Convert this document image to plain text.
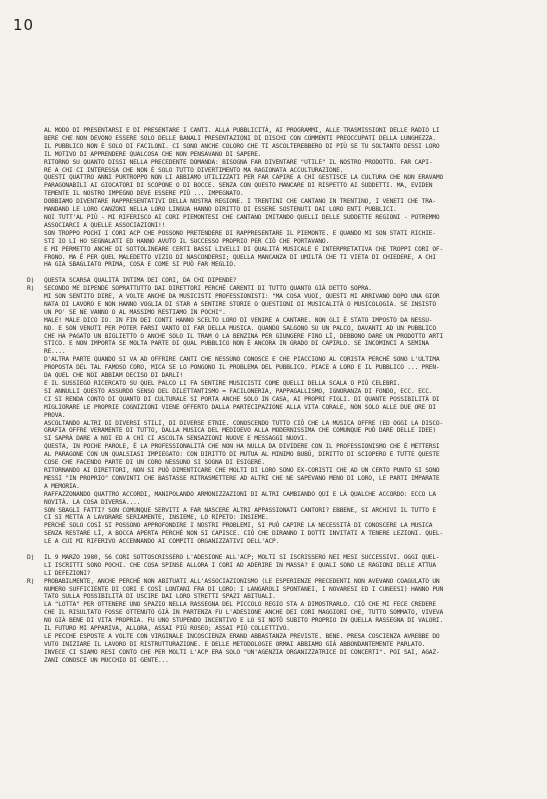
10
AL MODO DI PRESENTARSI E DI PRESENTARE I CANTI. ALLA PUBBLICITÀ, AI PROGRAMMI, ALLE TRASMISSIONI DELLE RADIO LI
BERE CHE NON DEVONO ESSERE SOLO DELLE BANALI PRESENTAZIONI DI DISCHI CON COMMENTI PREOCCUPATI DELLA LUNGHEZZA.
IL PUBBLICO NON È SOLO DI FACILONI. CI SONO ANCHE COLORO CHE TI ASCOLTEREBBERO DI PIÙ SE TU SOLTANTO DESSI LORO
IL MOTIVO DI APPRENDERE QUALCOSA CHE NON PENSAVANO DI SAPERE.
RITORNO SU QUANTO DISSI NELLA PRECEDENTE DOMANDA: BISOGNA FAR DIVENTARE "UTILE" IL NOSTRO PRODOTTO. FAR CAPI-
RE A CHI CI INTERESSA CHE NON È SOLO TUTTO DIVERTIMENTO MA RAGIONATA ACCULTURAZIONE.
QUESTI QUATTRO ANNI PURTROPPO NON LI ABBIAMO UTILIZZATI PER FAR CAPIRE A CHI GESTISCE LA CULTURA CHE NON ERAVAMO
PARAGONABILI AI GIOCATORI DI SCOPONE O DI BOCCE. SENZA CON QUESTO MANCARE DI RISPETTO AI SUDDETTI. MA, EVIDEN
TEMENTE IL NOSTRO IMPEGNO DEVE ESSERE PIÙ ... IMPEGNATO.
DOBBIAMO DIVENTARE RAPPRESENTATIVI DELLA NOSTRA REGIONE. I TRENTINI CHE CANTANO IN TRENTINO, I VENETI CHE TRA-
MANDANO LE LORO CANZONI NELLA LORO LINGUA HANNO DIRITTO DI ESSERE SOSTENUTI DAI LORO ENTI PUBBLICI.
NOI TUTT'AL PIÙ - MI RIFERISCO AI CORI PIEMONTESI CHE CANTANO IMITANDO QUELLI DELLE SUDDETTE REGIONI - POTREMMO
ASSOCIARCI A QUELLE ASSOCIAZIONI!!
SON TROPPO POCHI I CORI ACP CHE POSSONO PRETENDERE DI RAPPRESENTARE IL PIEMONTE. E QUANDO MI SON STATI RICHIE-
STI IO LI HO SEGNALATI ED HANNO AVUTO IL SUCCESSO PROPRIO PER CIÒ CHE PORTAVANO.
E MI PERMETTO ANCHE DI SOTTOLINEARE CERTI BASSI LIVELLI DI QUALITÀ MUSICALE E INTERPRETATIVA CHE TROPPI CORI OF-
FRONO. MA È PER QUEL MALEDETTO VIZIO DI NASCONDERSI; QUELLA MANCANZA DI UMILTÀ CHE TI VIETA DI CHIEDERE, A CHI
HA GIÀ SBAGLIATO PRIMA, COSA E COME SI PUÒ FAR MEGLIO.
D) QUESTA SCARSA QUALITÀ INTIMA DEI CORI, DA CHI DIPENDE?
R) SECONDO ME DIPENDE SOPRATTUTTO DAI DIRETTORI PERCHÉ CARENTI DI TUTTO QUANTO GIÀ DETTO SOPRA.
MI SON SENTITO DIRE, A VOLTE ANCHE DA MUSICISTI PROFESSIONISTI: "MA COSA VUOI, QUESTI MI ARRIVANO DOPO UNA GIOR
NATA DI LAVORO E NON HANNO VOGLIA DI STAR A SENTIRE STORIE O QUESTIONI DI MUSICALITÀ O MUSICOLOGIA. SE INSISTO
UN PO' SE NE VANNO O AL MASSIMO RESTIAMO IN POCHI".
MALE! MALE DICO IO. IN FIN DEI CONTI HANNO SCELTO LORO DI VENIRE A CANTARE. NON GLI È STATO IMPOSTO DA NESSU-
NO. E SON VENUTI PER POTER FARSI VANTO DI FAR DELLA MUSICA. QUANDO SALGONO SU UN PALCO, DAVANTI AD UN PUBBLICO
CHE HA PAGATO UN BIGLIETTO O ANCHE SOLO IL TRAM O LA BENZINA PER GIUNGERE FINO LÌ, DEBBONO DARE UN PRODOTTO ARTI
STICO. E NON IMPORTA SE MOLTA PARTE DI QUAL PUBBLICO NON È ANCORA IN GRADO DI CAPIRLO. SE INCOMINCI A SEMINA
RE....
D'ALTRA PARTE QUANDO SI VA AD OFFRIRE CANTI CHE NESSUNO CONOSCE E CHE PIACCIONO AL CORISTA PERCHÉ SONO L'ULTIMA
PROPOSTA DEL TAL FAMOSO CORO, MICA SE LO PONGONO IL PROBLEMA DEL PUBBLICO. PIACE A LORO E IL PUBBLICO ... PREN-
DA QUEL CHE NOI ABBIAM DECISO DI DARLI!
E IL SUSSIEGO RICERCATO SU QUEL PALCO LI FA SENTIRE MUSICISTI COME QUELLI DELLA SCALA O PIÙ CELEBRI.
SI ANNULLI QUESTO ASSURDO SENSO DEL DILETTANTISMO = FACILONERIA, PAPPAGALLISMO, IGNORANZA DI FONDO, ECC. ECC.
CI SI RENDA CONTO DI QUANTO DI CULTURALE SI PORTA ANCHE SOLO IN CASA, AI PROPRI FIGLI. DI QUANTE POSSIBILITÀ DI
MIGLIORARE LE PROPRIE COGNIZIONI VIENE OFFERTO DALLA PARTECIPAZIONE ALLA VITA CORALE, NON SOLO ALLE DUE ORE DI
PROVA.
ASCOLTANDO ALTRI DI DIVERSI STILI, DI DIVERSE ETNIE. CONOSCENDO TUTTO CIÒ CHE LA MUSICA OFFRE (ED OGGI LA DISCO-
GRAFIA OFFRE VERAMENTE DI TUTTO, DALLA MUSICA DEL MEDIOEVO ALLA MODERNISSIMA CHE COMUNQUE PUÒ DARE DELLE IDEE)
SI SAPRÀ DARE A NOI ED A CHI CI ASCOLTA SENSAZIONI NUOVE E MESSAGGI NUOVI.
QUESTA, IN POCHE PAROLE, È LA PROFESSIONALITÀ CHE NON HA NULLA DA DIVIDERE CON IL PROFESSIONISMO CHE È METTERSI
AL PARAGONE CON UN QUALSIASI IMPIEGATO: CON DIRITTO DI MUTUA AL MINIMO BUBÙ, DIRITTO DI SCIOPERO E TUTTE QUESTE
COSE CHE FACENDO PARTE DI UN CORO NESSUNO SI SOGNA DI ESIGERE.
RITORNANDO AI DIRETTORI, NON SI PUÒ DIMENTICARE CHE MOLTI DI LORO SONO EX-CORISTI CHE AD UN CERTO PUNTO SI SONO
MESSI "IN PROPRIO" CONVINTI CHE BASTASSE RITRASMETTERE AD ALTRI CHE NE SAPEVANO MENO DI LORO, LE PARTI IMPARATE
A MEMORIA.
RAFFAZZONANDO QUATTRO ACCORDI, MANIPOLANDO ARMONIZZAZIONI DI ALTRI CAMBIANDO QUI E LÀ QUALCHE ACCORDO: ECCO LA
NOVITÀ. LA COSA DIVERSA....
SON SBAGLI FATTI? SON COMUNQUE SERVITI A FAR NASCERE ALTRI APPASSIONATI CANTORI? EBBENE, SI ARCHIVI IL TUTTO E
CI SI METTA A LAVORARE SERIAMENTE, INSIEME, LO RIPETO: INSIEME.
PERCHÉ SOLO COSÌ SI POSSONO APPROFONDIRE I NOSTRI PROBLEMI, SI PUÒ CAPIRE LA NECESSITÀ DI CONOSCERE LA MUSICA
SENZA RESTARE LÌ, A BOCCA APERTA PERCHÉ NON SI CAPISCE. CIÒ CHE DIRANNO I DOTTI INVITATI A TENERE LEZIONI. QUEL-
LE A CUI MI RIFERIVO ACCENNANDO AI COMPITI ORGANIZZATIVI DELL'ACP.
D) IL 9 MARZO 1980, 56 CORI SOTTOSCRISSERO L'ADESIONE ALL'ACP; MOLTI SI ISCRISSERO NEI MESI SUCCESSIVI. OGGI QUEL-
LI ISCRITTI SONO POCHI. CHE COSA SPINSE ALLORA I CORI AD ADERIRE IN MASSA? E QUALI SONO LE RAGIONI DELLE ATTUA
LI DEFEZIONI?
R) PROBABILMENTE, ANCHE PERCHÉ NON ABITUATI ALL'ASSOCIAZIONISMO (LE ESPERIENZE PRECEDENTI NON AVEVANO COAGULATO UN
NUMERO SUFFICIENTE DI CORI E COSÌ LONTANI FRA DI LORO: I LANGAROLI SPONTANEI, I NOVARESI ED I CUNEESI) HANNO PUN
TATO SULLA POSSIBILITÀ DI USCIRE DAI LORO STRETTI SPAZI ABITUALI.
LA "LOTTA" PER OTTENERE UNO SPAZIO NELLA RASSEGNA DEL PICCOLO REGIO STA A DIMOSTRARLO. CIÒ CHE MI FECE CREDERE
CHE IL RISULTATO FOSSE OTTENUTO GIÀ IN PARTENZA FU L'ADESIONE ANCHE DEI CORI MAGGIORI CHE, TUTTO SOMMATO, VIVEVA
NO GIÀ BENE DI VITA PROPRIA. FU UNO STUPENDO INCENTIVO E LO SI NOTÒ SUBITO PROPRIO IN QUELLA RASSEGNA DI VALORI.
IL FUTURO MI APPARIVA, ALLORA, ASSAI PIÙ ROSEO; ASSAI PIÙ COLLETTIVO.
LE PECCHE ESPOSTE A VOLTE CON VIRGINALE INCOSCIENZA ERANO ABBASTANZA PREVISTE. BENE. PRESA COSCIENZA AVREBBE DO
VUTO INIZIARE IL LAVORO DI RISTRUTTURAZIONE. E DELLE METODOLOGIE ORMAI ABBIAMO GIÀ ABBONDANTEMENTE PARLATO.
INVECE CI SIAMO RESI CONTO CHE PER MOLTI L'ACP ERA SOLO "UN'AGENZIA ORGANIZZATRICE DI CONCERTI". POI SAI, AGAZ-
ZANI CONOSCE UN MUCCHIO DI GENTE...
